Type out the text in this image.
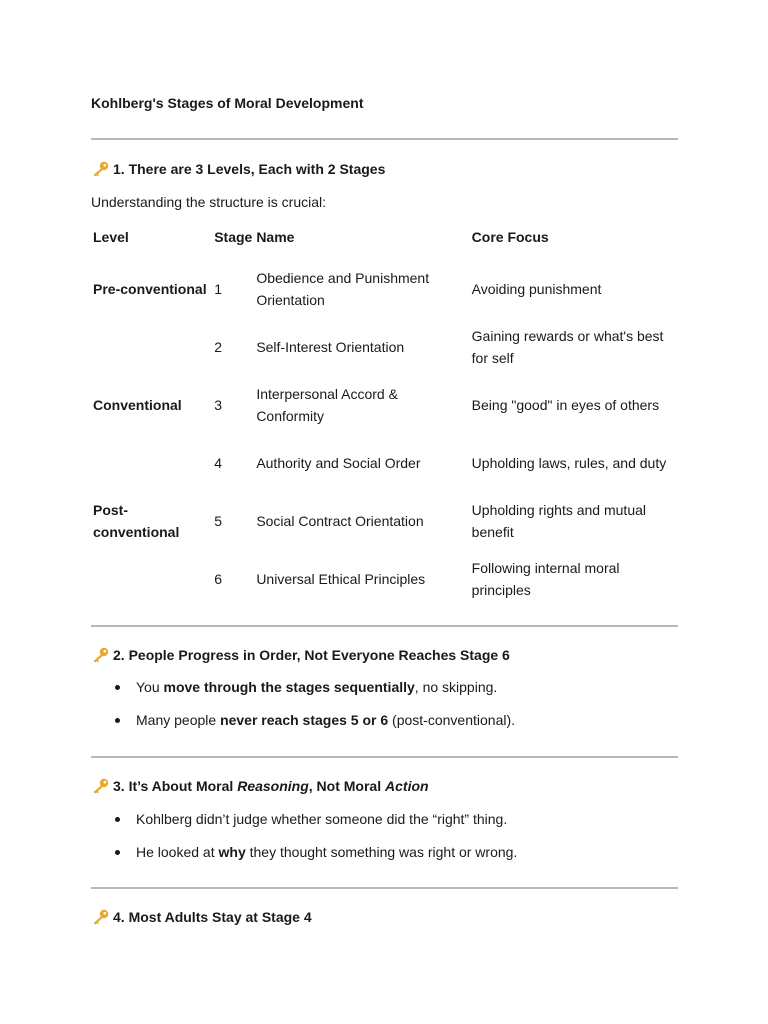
Kohlberg's Stages of Moral Development
1. There are 3 Levels, Each with 2 Stages
Understanding the structure is crucial:
Level	Stage	Name	Core Focus
Pre-conventional	1	Obedience and Punishment Orientation	Avoiding punishment
	2	Self-Interest Orientation	Gaining rewards or what's best for self
Conventional	3	Interpersonal Accord & Conformity	Being "good" in eyes of others
	4	Authority and Social Order	Upholding laws, rules, and duty
Post-conventional	5	Social Contract Orientation	Upholding rights and mutual benefit
	6	Universal Ethical Principles	Following internal moral principles
2. People Progress in Order, Not Everyone Reaches Stage 6
You move through the stages sequentially, no skipping.
Many people never reach stages 5 or 6 (post-conventional).
3. It’s About Moral Reasoning, Not Moral Action
Kohlberg didn’t judge whether someone did the “right” thing.
He looked at why they thought something was right or wrong.
4. Most Adults Stay at Stage 4
